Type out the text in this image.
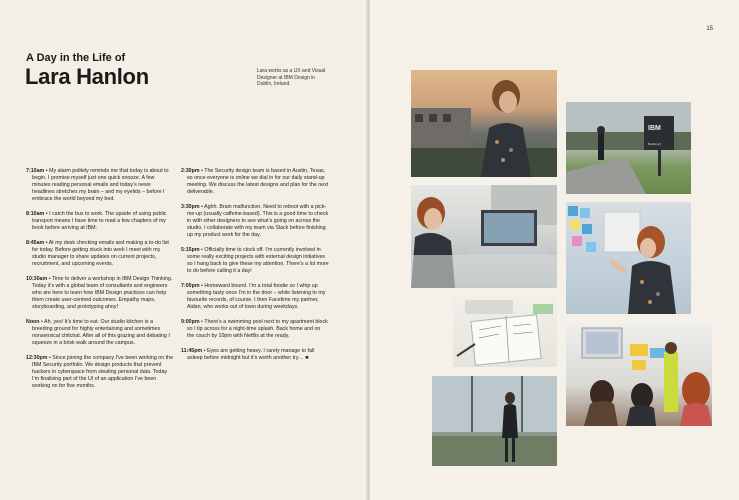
A Day in the Life of
Lara Hanlon	Lara works as a UX and Visual Designer at IBM Design in Dublin, Ireland.

7:10am • My alarm politely reminds me that today is about to begin. I promise myself just one quick snooze. A few minutes reading personal emails and today’s news headlines stretches my brain – and my eyelids – before I embrace the world beyond my bed.

8:10am • I catch the bus to work. The upside of using public transport means I have time to read a few chapters of my book before arriving at IBM.

8:45am • At my desk checking emails and making a to-do list for today. Before getting stuck into work I meet with my studio manager to share updates on current projects, recruitment, and upcoming events.

10:30am • Time to deliver a workshop in IBM Design Thinking. Today it’s with a global team of consultants and engineers who are here to learn how IBM Design practices can help them create user-centred outcomes. Empathy maps, storyboarding, and prototyping ahoy!

Noon • Ah, yes! It’s time to eat. Our studio kitchen is a breeding ground for highly entertaining and sometimes nonsensical chitchat. After all of this grazing and debating I squeeze in a brisk walk around the campus.

12:30pm • Since joining the company I’ve been working on the IBM Security portfolio. We design products that prevent hackers in cyberspace from stealing personal data. Today I’m finalising part of the UI of an application I’ve been working on for five months.

2:30pm • The Security design team is based in Austin, Texas, so once everyone is online we dial in for our daily stand-up meeting. We discuss the latest designs and plan for the next deliverable.

3:30pm • Aghh. Brain malfunction. Need to reboot with a pick-me-up (usually caffeine-based). This is a good time to check in with other designers to see what’s going on across the studio. I collaborate with my team via Slack before finishing up my product work for the day.

5:15pm • Officially time to clock off. I’m currently involved in some really exciting projects with external design initiatives so I hang back to give these my attention. There’s a lot more to do before calling it a day!

7:00pm • Homeward bound. I’m a total foodie so I whip up something tasty once I’m in the door – while listening to my favourite records, of course. I then Facetime my partner, Aidan, who works out of town during weekdays.

9:00pm • There’s a swimming pool next to my apartment block so I tip across for a night-time splash. Back home and on the couch by 10pm with Netflix at the ready.

11:45pm • Eyes are getting heavy. I rarely manage to fall asleep before midnight but it’s worth another try… ■

15
IBM
Building 6
